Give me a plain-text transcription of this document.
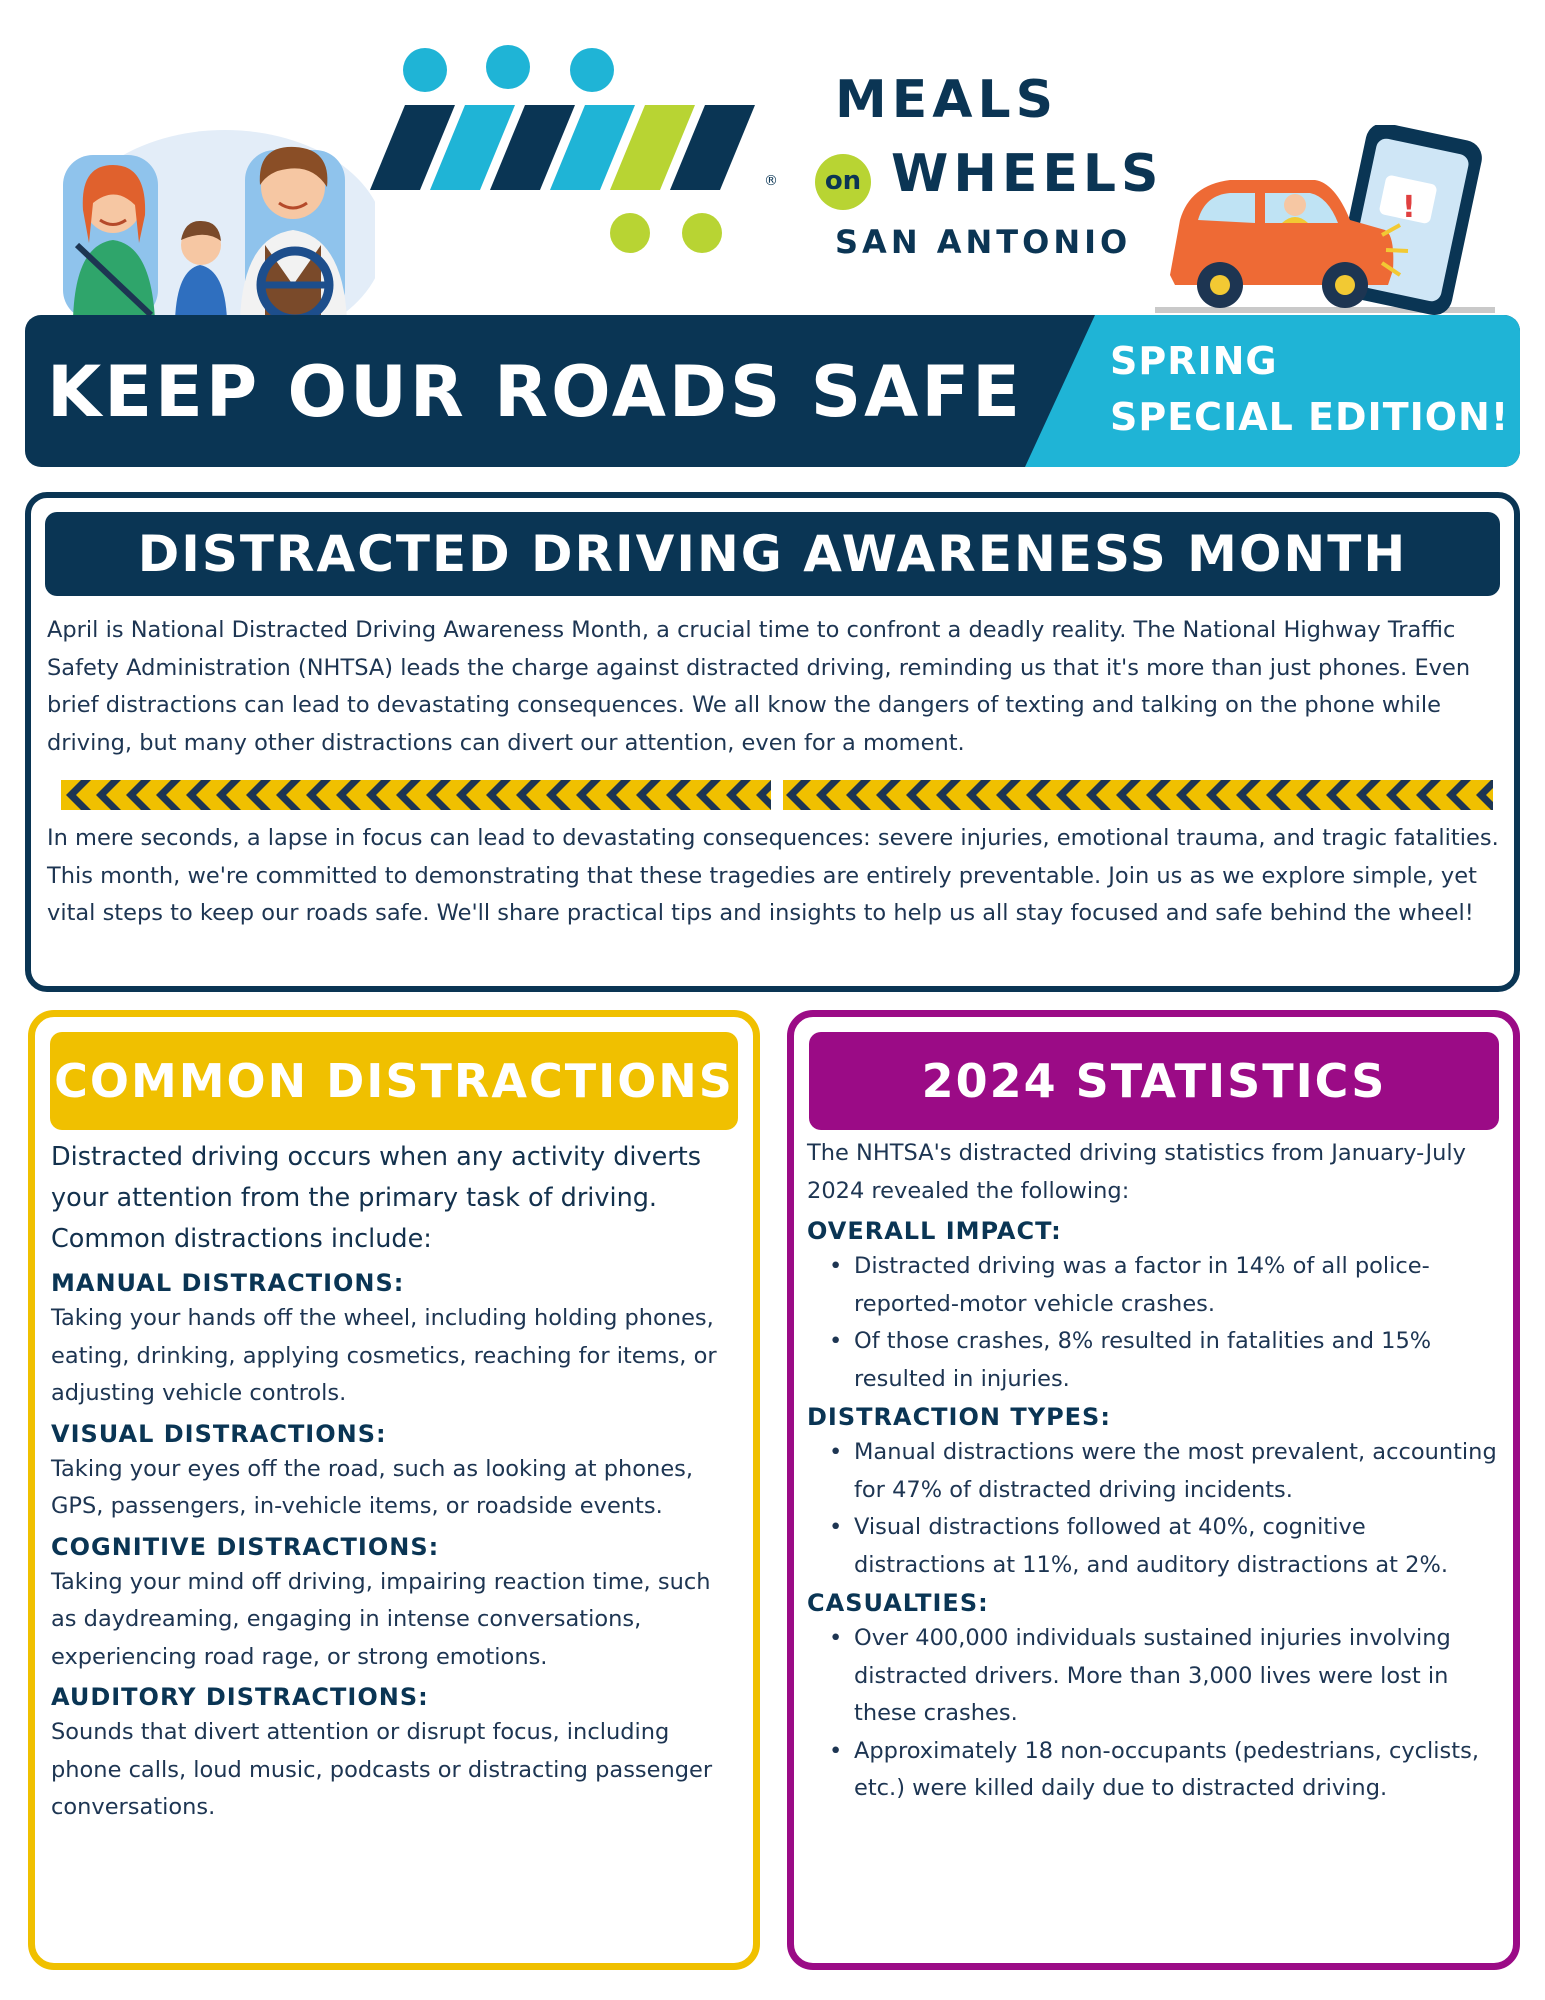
®
MEALS
on WHEELS
SAN ANTONIO
!
KEEP OUR ROADS SAFE SPRING
SPECIAL EDITION!
DISTRACTED DRIVING AWARENESS MONTH

April is National Distracted Driving Awareness Month, a crucial time to confront a deadly reality. The National Highway Traffic Safety Administration (NHTSA) leads the charge against distracted driving, reminding us that it's more than just phones. Even brief distractions can lead to devastating consequences. We all know the dangers of texting and talking on the phone while driving, but many other distractions can divert our attention, even for a moment.

In mere seconds, a lapse in focus can lead to devastating consequences: severe injuries, emotional trauma, and tragic fatalities. This month, we're committed to demonstrating that these tragedies are entirely preventable. Join us as we explore simple, yet vital steps to keep our roads safe. We'll share practical tips and insights to help us all stay focused and safe behind the wheel!

COMMON DISTRACTIONS

Distracted driving occurs when any activity diverts your attention from the primary task of driving. Common distractions include:

MANUAL DISTRACTIONS:

Taking your hands off the wheel, including holding phones, eating, drinking, applying cosmetics, reaching for items, or adjusting vehicle controls.

VISUAL DISTRACTIONS:

Taking your eyes off the road, such as looking at phones, GPS, passengers, in-vehicle items, or roadside events.

COGNITIVE DISTRACTIONS:

Taking your mind off driving, impairing reaction time, such as daydreaming, engaging in intense conversations, experiencing road rage, or strong emotions.

AUDITORY DISTRACTIONS:

Sounds that divert attention or disrupt focus, including phone calls, loud music, podcasts or distracting passenger conversations.

2024 STATISTICS

The NHTSA's distracted driving statistics from January-July 2024 revealed the following:

OVERALL IMPACT:
• Distracted driving was a factor in 14% of all police-reported-motor vehicle crashes.
• Of those crashes, 8% resulted in fatalities and 15% resulted in injuries.
DISTRACTION TYPES:
• Manual distractions were the most prevalent, accounting for 47% of distracted driving incidents.
• Visual distractions followed at 40%, cognitive distractions at 11%, and auditory distractions at 2%.
CASUALTIES:
• Over 400,000 individuals sustained injuries involving distracted drivers. More than 3,000 lives were lost in these crashes.
• Approximately 18 non-occupants (pedestrians, cyclists, etc.) were killed daily due to distracted driving.
